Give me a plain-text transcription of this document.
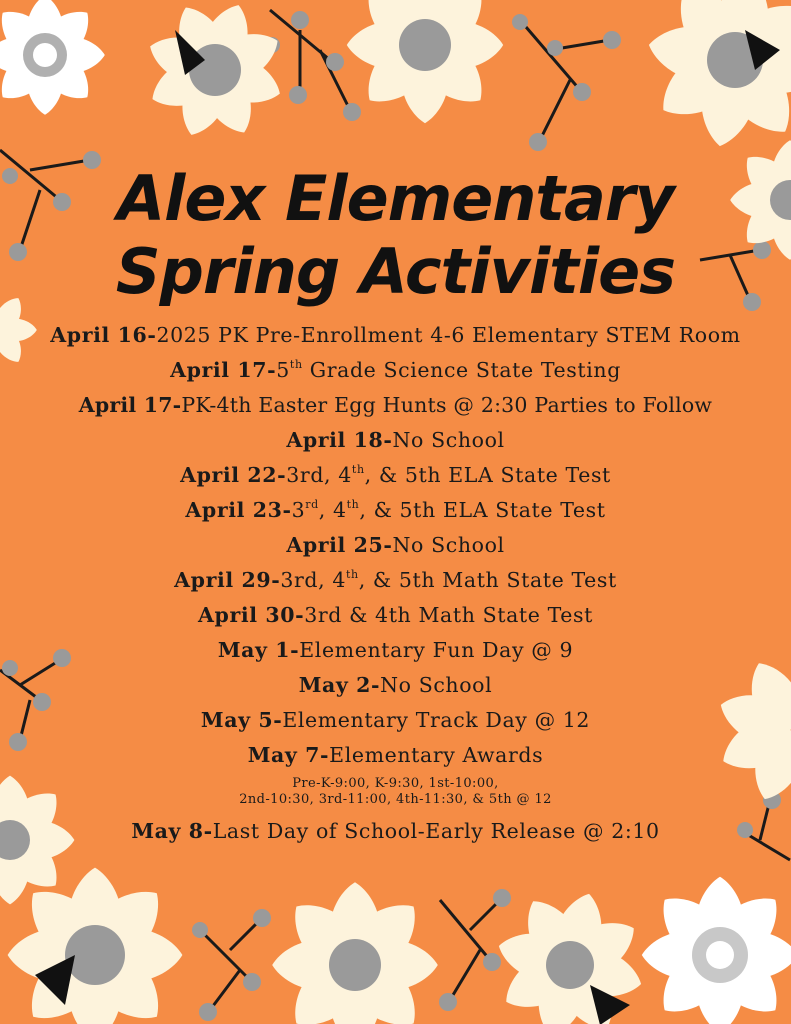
Alex Elementary
Spring Activities
April 16-2025 PK Pre-Enrollment 4-6 Elementary STEM Room
April 17-5th Grade Science State Testing
April 17-PK-4th Easter Egg Hunts @ 2:30 Parties to Follow
April 18-No School
April 22-3rd, 4th, & 5th ELA State Test
April 23-3rd, 4th, & 5th ELA State Test
April 25-No School
April 29-3rd, 4th, & 5th Math State Test
April 30-3rd & 4th Math State Test
May 1-Elementary Fun Day @ 9
May 2-No School
May 5-Elementary Track Day @ 12
May 7-Elementary Awards
Pre-K-9:00, K-9:30, 1st-10:00,
2nd-10:30, 3rd-11:00, 4th-11:30, & 5th @ 12
May 8-Last Day of School-Early Release @ 2:10
